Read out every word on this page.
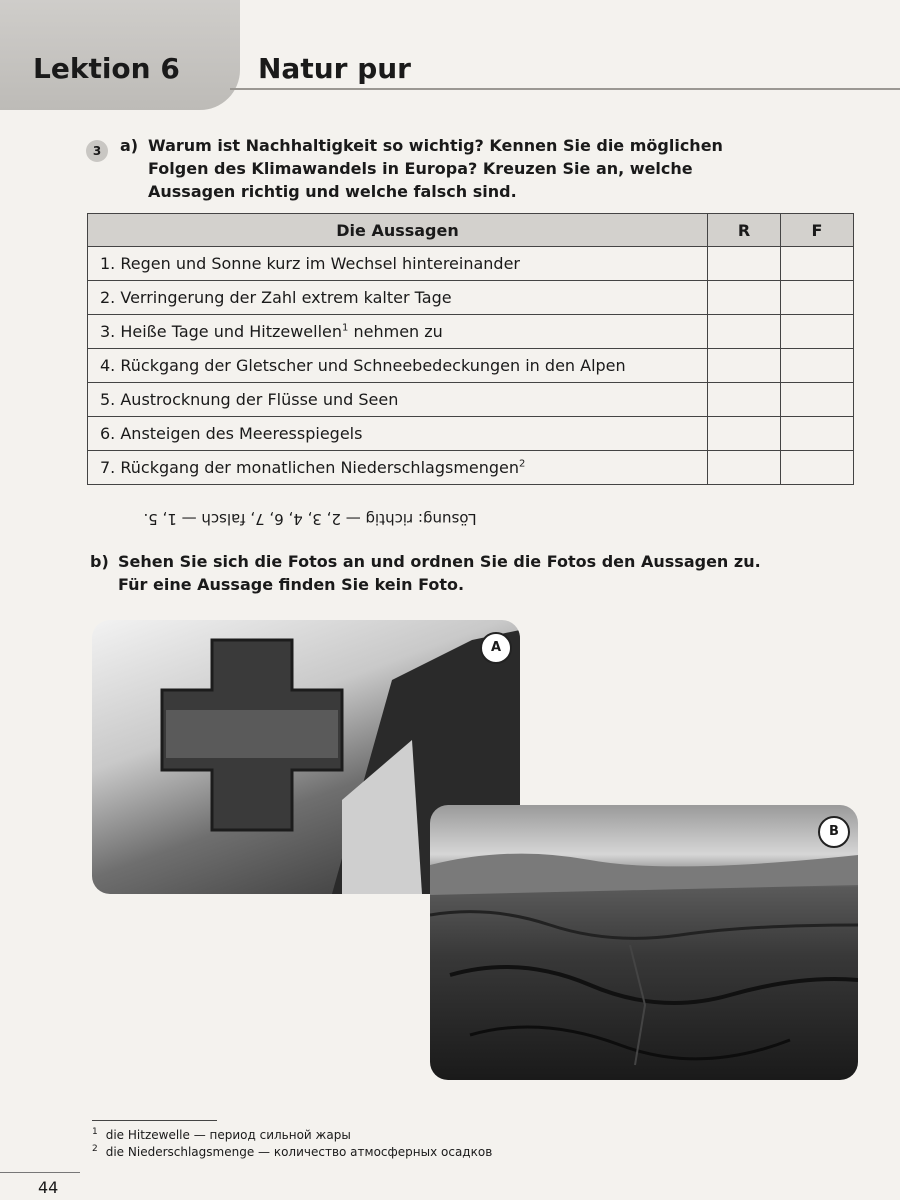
Lektion 6	Natur pur
3	a) Warum ist Nachhaltigkeit so wichtig? Kennen Sie die möglichen Folgen des Klimawandels in Europa? Kreuzen Sie an, welche Aussagen richtig und welche falsch sind.
Die Aussagen	R	F
1. Regen und Sonne kurz im Wechsel hintereinander		
2. Verringerung der Zahl extrem kalter Tage		
3. Heiße Tage und Hitzewellen$^1$ nehmen zu		
4. Rückgang der Gletscher und Schneebedeckungen in den Alpen		
5. Austrocknung der Flüsse und Seen		
6. Ansteigen des Meeresspiegels		
7. Rückgang der monatlichen Niederschlagsmengen$^2$		
Lösung: richtig — 2, 3, 4, 6, 7, falsch — 1, 5.
b) Sehen Sie sich die Fotos an und ordnen Sie die Fotos den Aussagen zu. Für eine Aussage finden Sie kein Foto.
A
B
$^1$ die Hitzewelle — период сильной жары
$^2$ die Niederschlagsmenge — количество атмосферных осадков
44
